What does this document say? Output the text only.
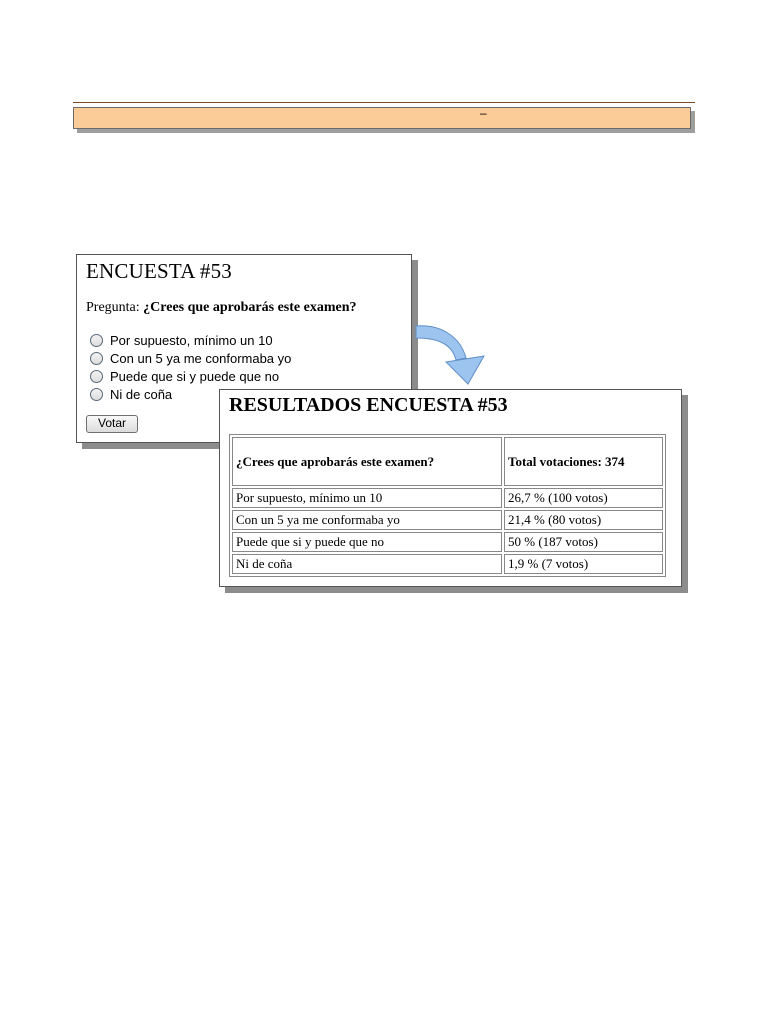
–
ENCUESTA #53
Pregunta: ¿Crees que aprobarás este examen?
Por supuesto, mínimo un 10
Con un 5 ya me conformaba yo
Puede que si y puede que no
Ni de coña
Votar
RESULTADOS ENCUESTA #53
¿Crees que aprobarás este examen?	Total votaciones: 374
Por supuesto, mínimo un 10	26,7 % (100 votos)
Con un 5 ya me conformaba yo	21,4 % (80 votos)
Puede que si y puede que no	50 % (187 votos)
Ni de coña	1,9 % (7 votos)
